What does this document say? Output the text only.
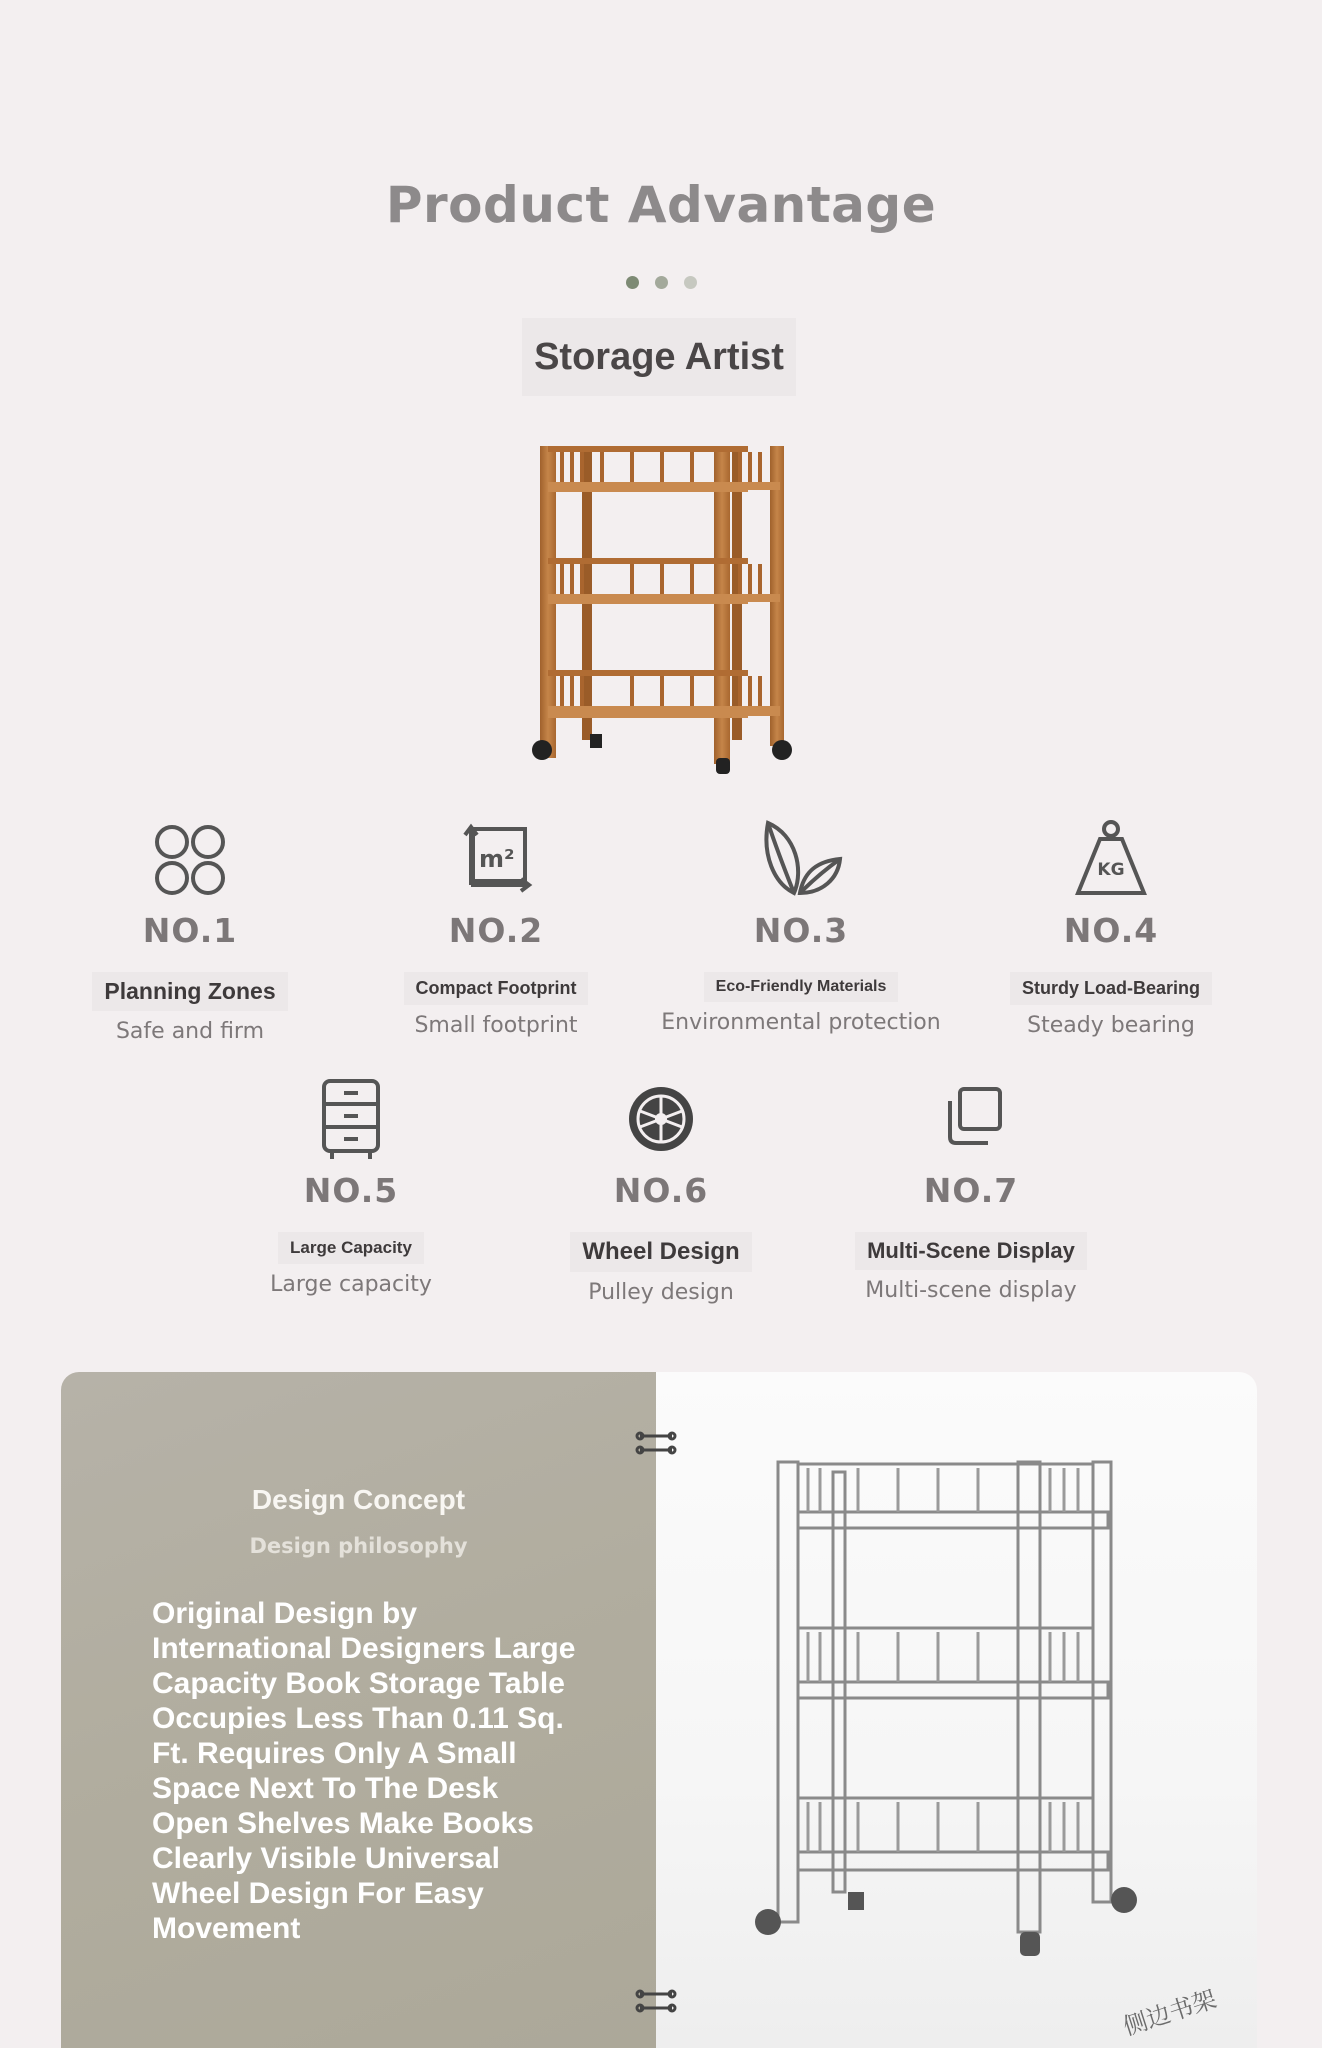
Product Advantage
Storage Artist
NO.1
Planning Zones
Safe and firm
m²
NO.2
Compact Footprint
Small footprint
NO.3
Eco-Friendly Materials
Environmental protection
KG
NO.4
Sturdy Load-Bearing
Steady bearing
NO.5
Large Capacity
Large capacity
NO.6
Wheel Design
Pulley design
NO.7
Multi-Scene Display
Multi-scene display
Design Concept
Design philosophy
Original Design by International Designers Large Capacity Book Storage Table Occupies Less Than 0.11 Sq. Ft. Requires Only A Small Space Next To The Desk Open Shelves Make Books Clearly Visible Universal Wheel Design For Easy Movement
侧边书架
